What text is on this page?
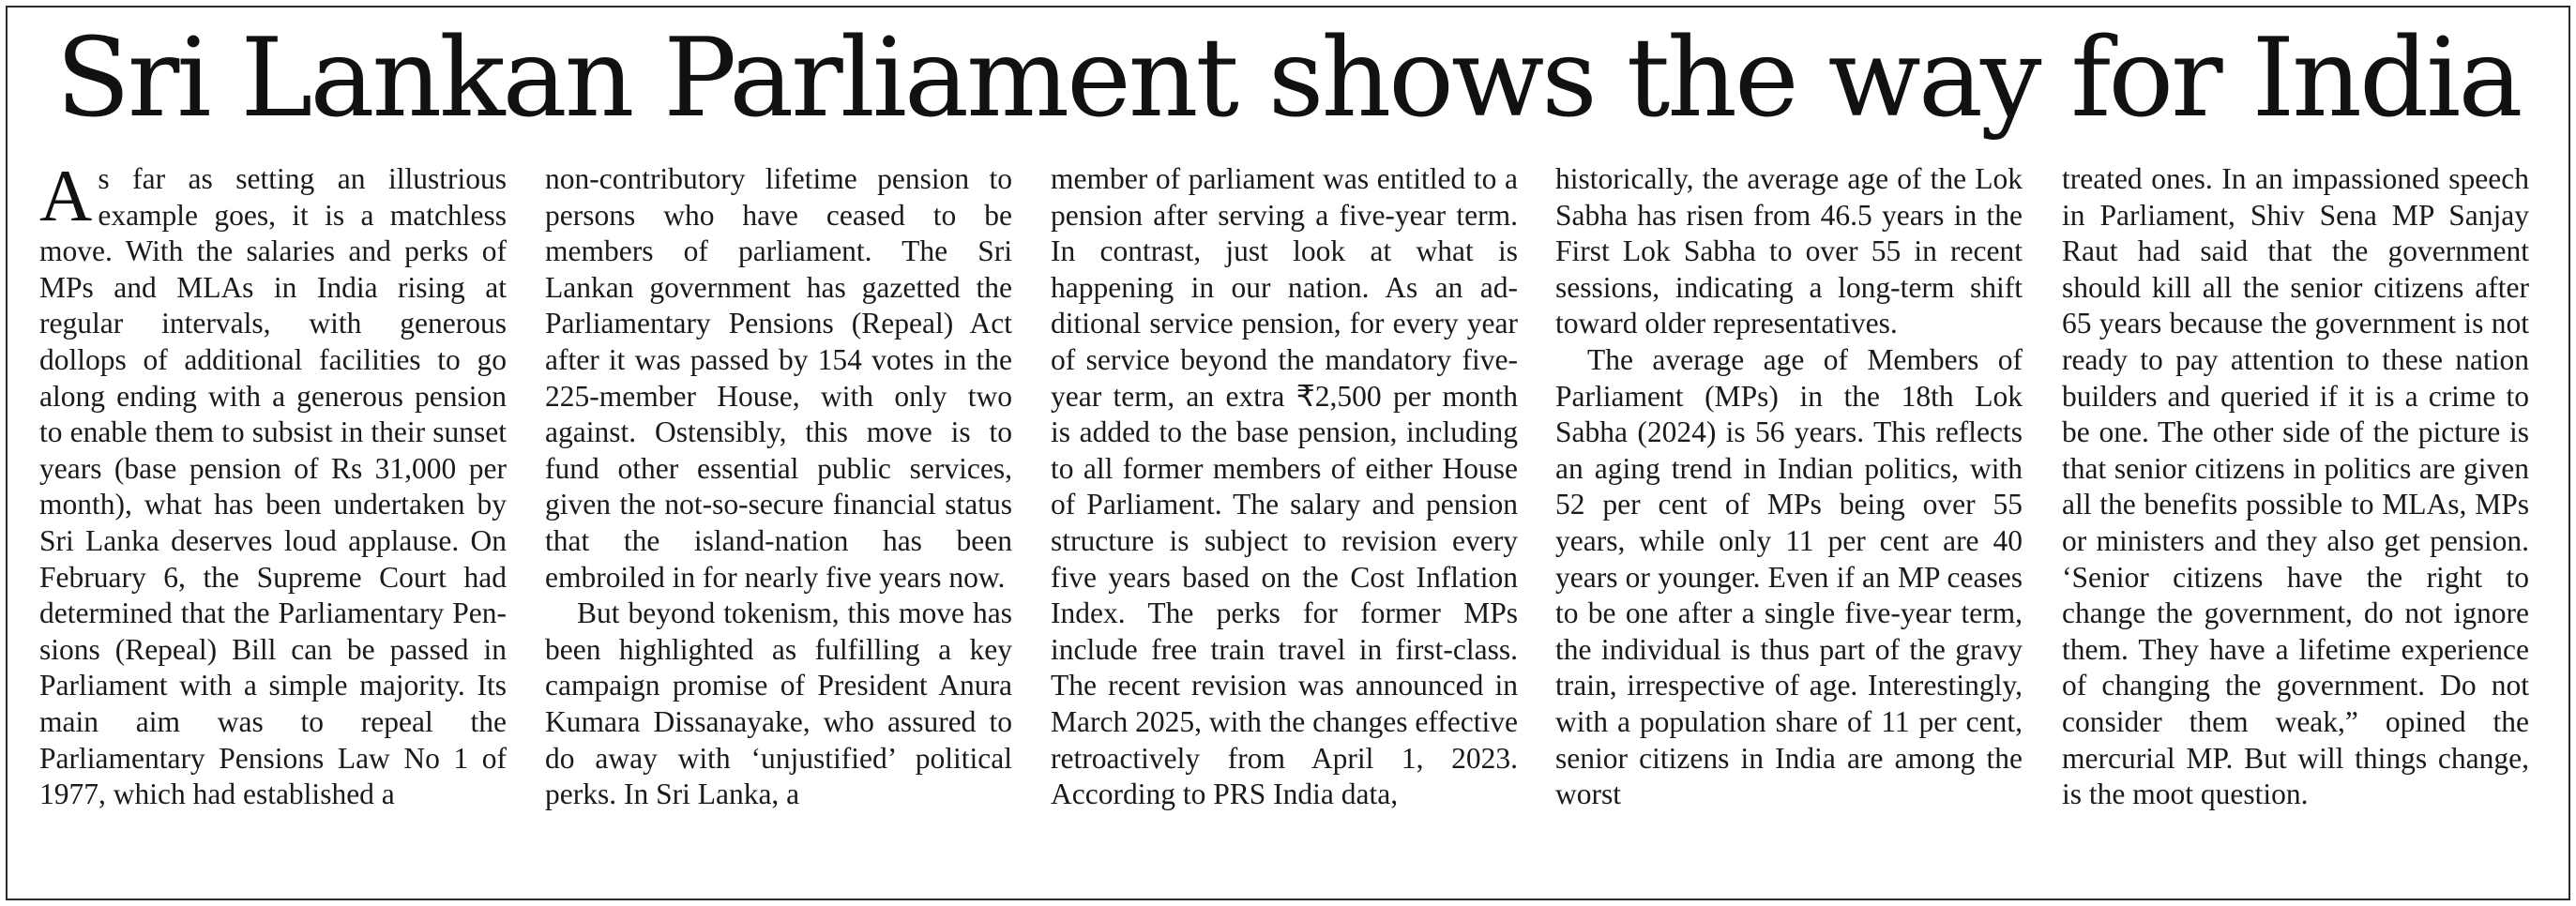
Sri Lankan Parliament shows the way for India

As far as setting an illustrious example goes, it is a matchless move. With the salaries and perks of MPs and MLAs in India rising at regular intervals, with generous dollops of additional facilities to go along ending with a generous pension to enable them to subsist in their sunset years (base pension of Rs 31,000 per month), what has been undertaken by Sri Lanka deserves loud applause. On February 6, the Supreme Court had determined that the Parliamentary Pensions (Repeal) Bill can be passed in Parliament with a simple majority. Its main aim was to repeal the Parliamentary Pensions Law No 1 of 1977, which had established a

non-contributory lifetime pension to persons who have ceased to be members of parliament. The Sri Lankan government has gazetted the Parliamentary Pensions (Repeal) Act after it was passed by 154 votes in the 225-member House, with only two against. Ostensibly, this move is to fund other essential public services, given the not-so-secure financial status that the island-nation has been embroiled in for nearly five years now.

But beyond tokenism, this move has been highlighted as fulfilling a key campaign promise of President Anura Kumara Dissanayake, who assured to do away with ‘unjustified’ political perks. In Sri Lanka, a

member of parliament was entitled to a pension after serving a five-year term. In contrast, just look at what is happening in our nation. As an additional service pension, for every year of service beyond the mandatory five-year term, an extra ₹2,500 per month is added to the base pension, including to all former members of either House of Parliament. The salary and pension structure is subject to revision every five years based on the Cost Inflation Index. The perks for former MPs include free train travel in first-class. The recent revision was announced in March 2025, with the changes effective retroactively from April 1, 2023. According to PRS India data,

historically, the average age of the Lok Sabha has risen from 46.5 years in the First Lok Sabha to over 55 in recent sessions, indicating a long-term shift toward older representatives.

The average age of Members of Parliament (MPs) in the 18th Lok Sabha (2024) is 56 years. This reflects an aging trend in Indian politics, with 52 per cent of MPs being over 55 years, while only 11 per cent are 40 years or younger. Even if an MP ceases to be one after a single five-year term, the individual is thus part of the gravy train, irrespective of age. Interestingly, with a population share of 11 per cent, senior citizens in India are among the worst

treated ones. In an impassioned speech in Parliament, Shiv Sena MP Sanjay Raut had said that the government should kill all the senior citizens after 65 years because the government is not ready to pay attention to these nation builders and queried if it is a crime to be one. The other side of the picture is that senior citizens in politics are given all the benefits possible to MLAs, MPs or ministers and they also get pension. ‘Senior citizens have the right to change the government, do not ignore them. They have a lifetime experience of changing the government. Do not consider them weak,” opined the mercurial MP. But will things change, is the moot question.
